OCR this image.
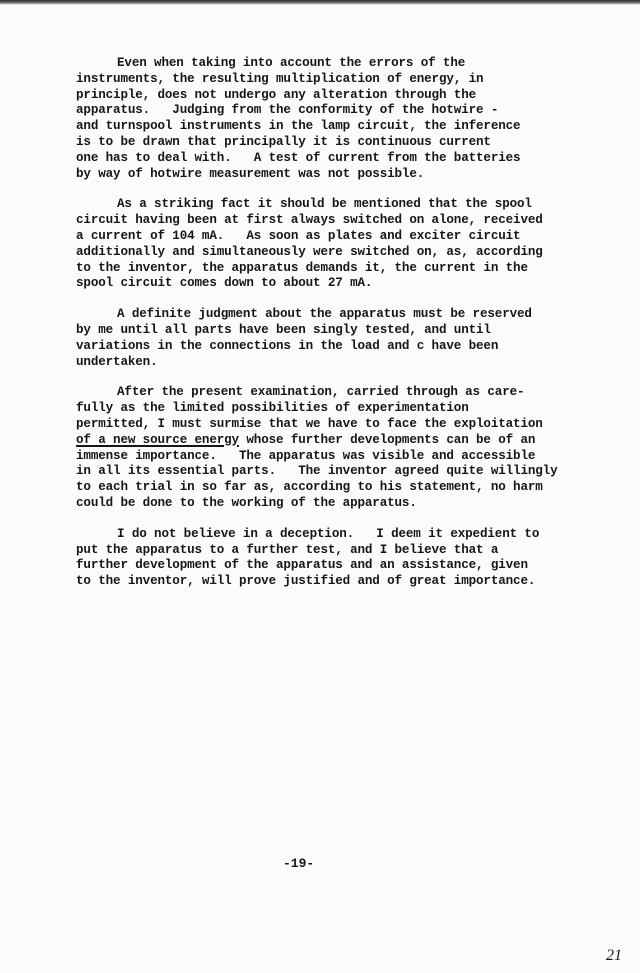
Even when taking into account the errors of the
instruments, the resulting multiplication of energy, in
principle, does not undergo any alteration through the
apparatus.   Judging from the conformity of the hotwire -
and turnspool instruments in the lamp circuit, the inference
is to be drawn that principally it is continuous current
one has to deal with.   A test of current from the batteries
by way of hotwire measurement was not possible.
As a striking fact it should be mentioned that the spool
circuit having been at first always switched on alone, received
a current of 104 mA.   As soon as plates and exciter circuit
additionally and simultaneously were switched on, as, according
to the inventor, the apparatus demands it, the current in the
spool circuit comes down to about 27 mA.
A definite judgment about the apparatus must be reserved
by me until all parts have been singly tested, and until
variations in the connections in the load and c have been
undertaken.
After the present examination, carried through as care-
fully as the limited possibilities of experimentation
permitted, I must surmise that we have to face the exploitation
of a new source energy whose further developments can be of an
immense importance.   The apparatus was visible and accessible
in all its essential parts.   The inventor agreed quite willingly
to each trial in so far as, according to his statement, no harm
could be done to the working of the apparatus.
I do not believe in a deception.   I deem it expedient to
put the apparatus to a further test, and I believe that a
further development of the apparatus and an assistance, given
to the inventor, will prove justified and of great importance.
-19-
21
